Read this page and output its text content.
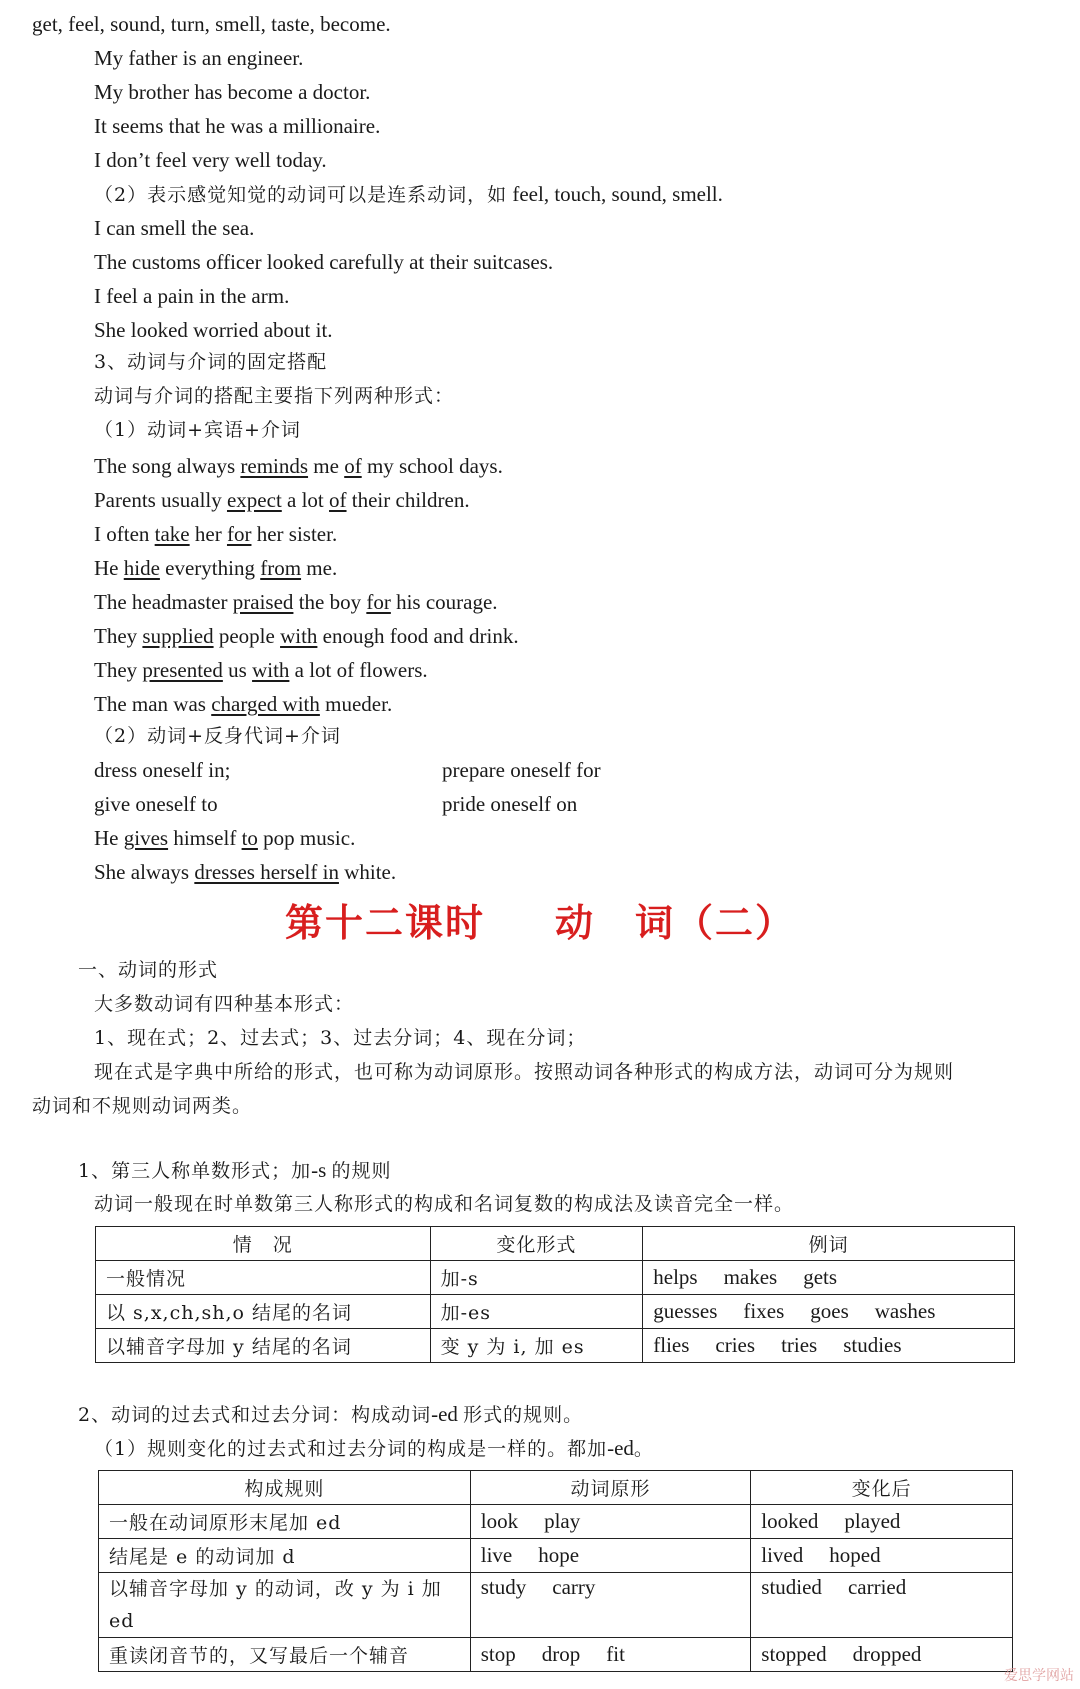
get, feel, sound, turn, smell, taste, become.
My father is an engineer.
My brother has become a doctor.
It seems that he was a millionaire.
I don’t feel very well today.
（2）表示感觉知觉的动词可以是连系动词，如 feel, touch, sound, smell.
I can smell the sea.
The customs officer looked carefully at their suitcases.
I feel a pain in the arm.
She looked worried about it.
3、动词与介词的固定搭配
动词与介词的搭配主要指下列两种形式：
（1）动词+宾语+介词
The song always reminds me of my school days.
Parents usually expect a lot of their children.
I often take her for her sister.
He hide everything from me.
The headmaster praised the boy for his courage.
They supplied people with enough food and drink.
They presented us with a lot of flowers.
The man was charged with mueder.
（2）动词+反身代词+介词
dress oneself in;	prepare oneself for
give oneself to	pride oneself on
He gives himself to pop music.
She always dresses herself in white.
第十二课时 动　词（二）
一、动词的形式
大多数动词有四种基本形式：
1、现在式；2、过去式；3、过去分词；4、现在分词；
现在式是字典中所给的形式，也可称为动词原形。按照动词各种形式的构成方法，动词可分为规则
动词和不规则动词两类。
1、第三人称单数形式；加-s 的规则
动词一般现在时单数第三人称形式的构成和名词复数的构成法及读音完全一样。
情　况	变化形式	例词
一般情况	加-s	helps makes gets
以 s,x,ch,sh,o 结尾的名词	加-es	guesses fixes goes washes
以辅音字母加 y 结尾的名词	变 y 为 i, 加 es	flies cries tries studies
2、动词的过去式和过去分词：构成动词-ed 形式的规则。
（1）规则变化的过去式和过去分词的构成是一样的。都加-ed。
构成规则	动词原形	变化后
一般在动词原形末尾加 ed	look play	looked played
结尾是 e 的动词加 d	live hope	lived hoped
以辅音字母加 y 的动词，改 y 为 i 加 ed	study carry	studied carried
重读闭音节的，又写最后一个辅音	stop drop fit	stopped dropped
爱思学网站
